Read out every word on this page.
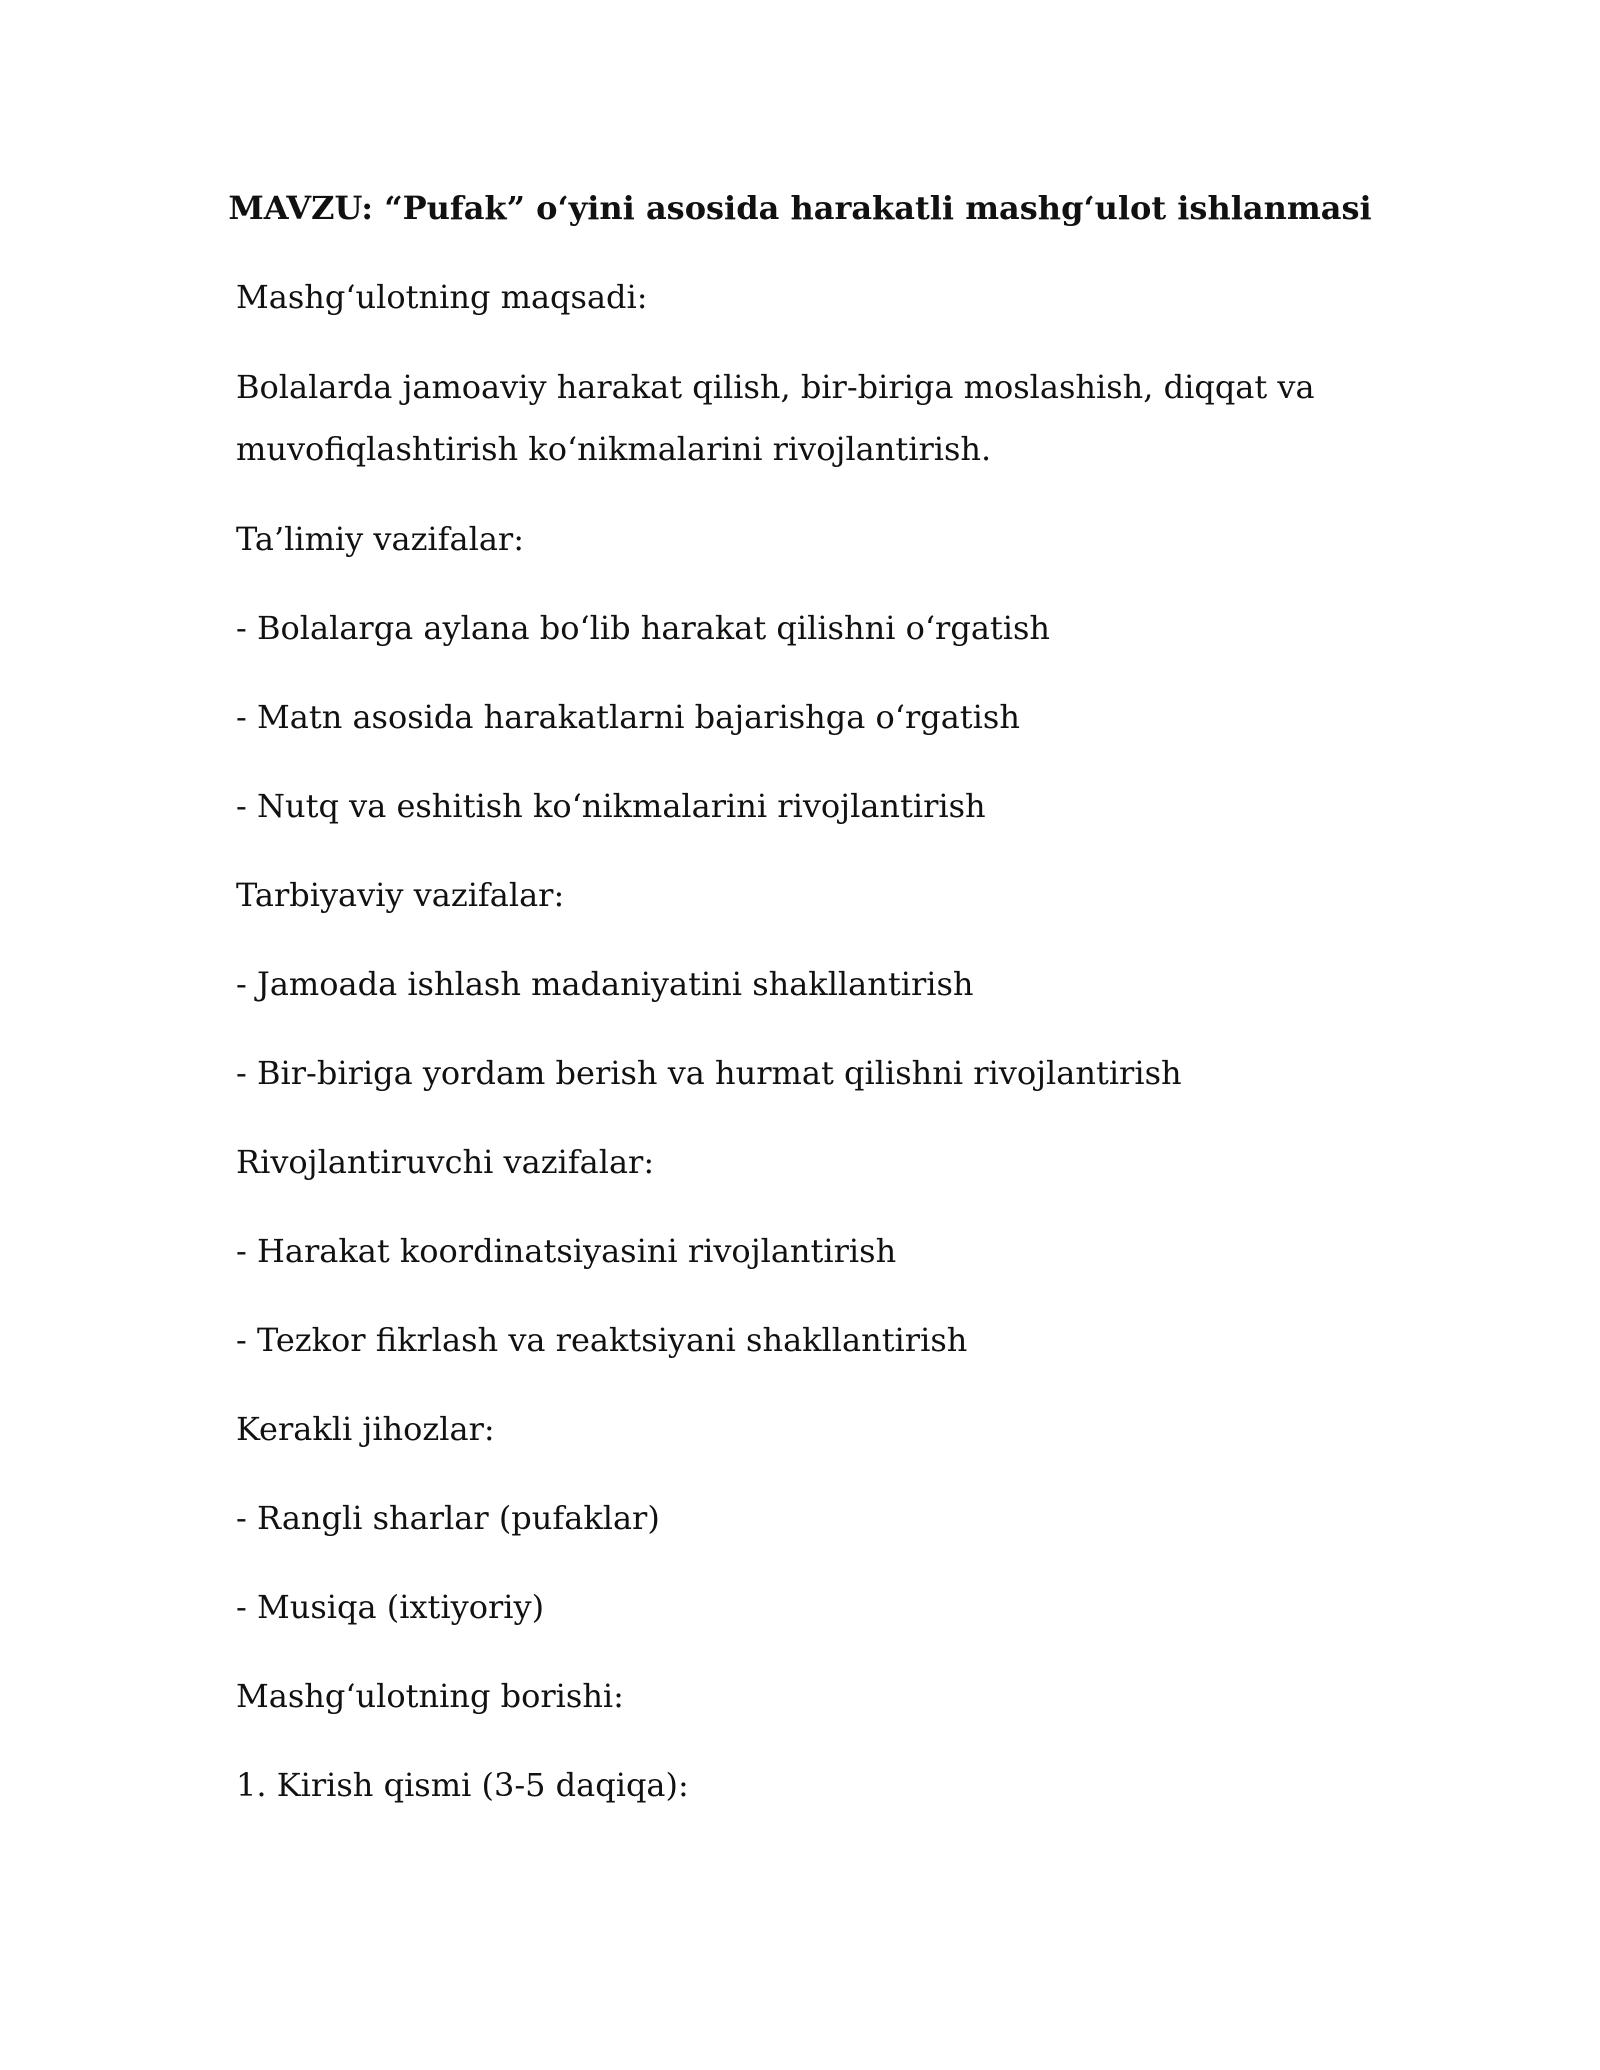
MAVZU: “Pufak” o‘yini asosida harakatli mashg‘ulot ishlanmasi
Mashg‘ulotning maqsadi:
Bolalarda jamoaviy harakat qilish, bir-biriga moslashish, diqqat va
muvofiqlashtirish ko‘nikmalarini rivojlantirish.
Ta’limiy vazifalar:
- Bolalarga aylana bo‘lib harakat qilishni o‘rgatish
- Matn asosida harakatlarni bajarishga o‘rgatish
- Nutq va eshitish ko‘nikmalarini rivojlantirish
Tarbiyaviy vazifalar:
- Jamoada ishlash madaniyatini shakllantirish
- Bir-biriga yordam berish va hurmat qilishni rivojlantirish
Rivojlantiruvchi vazifalar:
- Harakat koordinatsiyasini rivojlantirish
- Tezkor fikrlash va reaktsiyani shakllantirish
Kerakli jihozlar:
- Rangli sharlar (pufaklar)
- Musiqa (ixtiyoriy)
Mashg‘ulotning borishi:
1. Kirish qismi (3-5 daqiqa):
